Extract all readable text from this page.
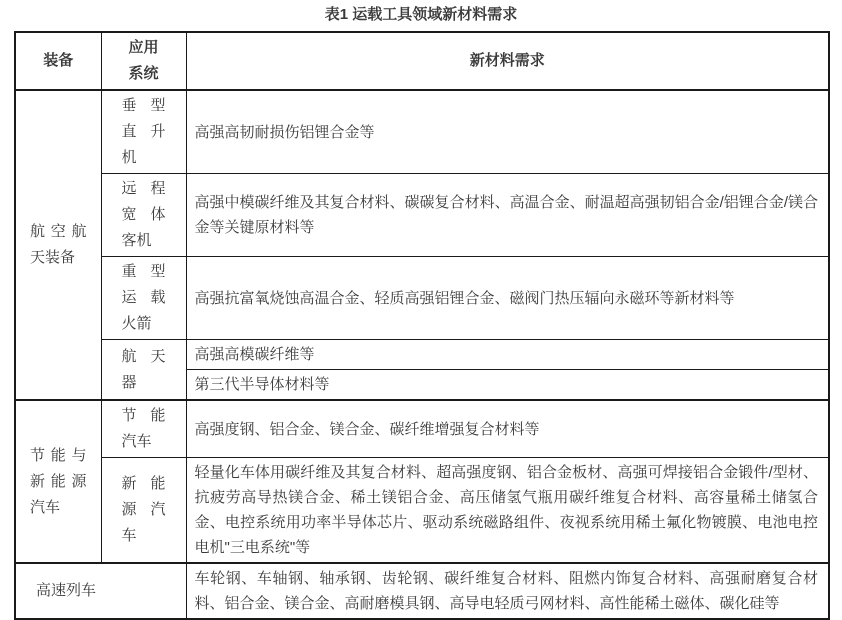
表1 运载工具领域新材料需求
装备	应用系统	新材料需求
航空航天装备	垂型直升机	高强高韧耐损伤铝锂合金等
	远程宽体客机	高强中模碳纤维及其复合材料、碳碳复合材料、高温合金、耐温超高强韧铝合金/铝锂合金/镁合金等关键原材料等
	重型运载火箭	高强抗富氧烧蚀高温合金、轻质高强铝锂合金、磁阀门热压辐向永磁环等新材料等
	航天器	高强高模碳纤维等
		第三代半导体材料等
节能与新能源汽车	节能汽车	高强度钢、铝合金、镁合金、碳纤维增强复合材料等
	新能源汽车	轻量化车体用碳纤维及其复合材料、超高强度钢、铝合金板材、高强可焊接铝合金锻件/型材、抗疲劳高导热镁合金、稀土镁铝合金、高压储氢气瓶用碳纤维复合材料、高容量稀土储氢合金、电控系统用功率半导体芯片、驱动系统磁路组件、夜视系统用稀土氟化物镀膜、电池电控电机"三电系统"等
高速列车		车轮钢、车轴钢、轴承钢、齿轮钢、碳纤维复合材料、阻燃内饰复合材料、高强耐磨复合材料、铝合金、镁合金、高耐磨模具钢、高导电轻质弓网材料、高性能稀土磁体、碳化硅等
